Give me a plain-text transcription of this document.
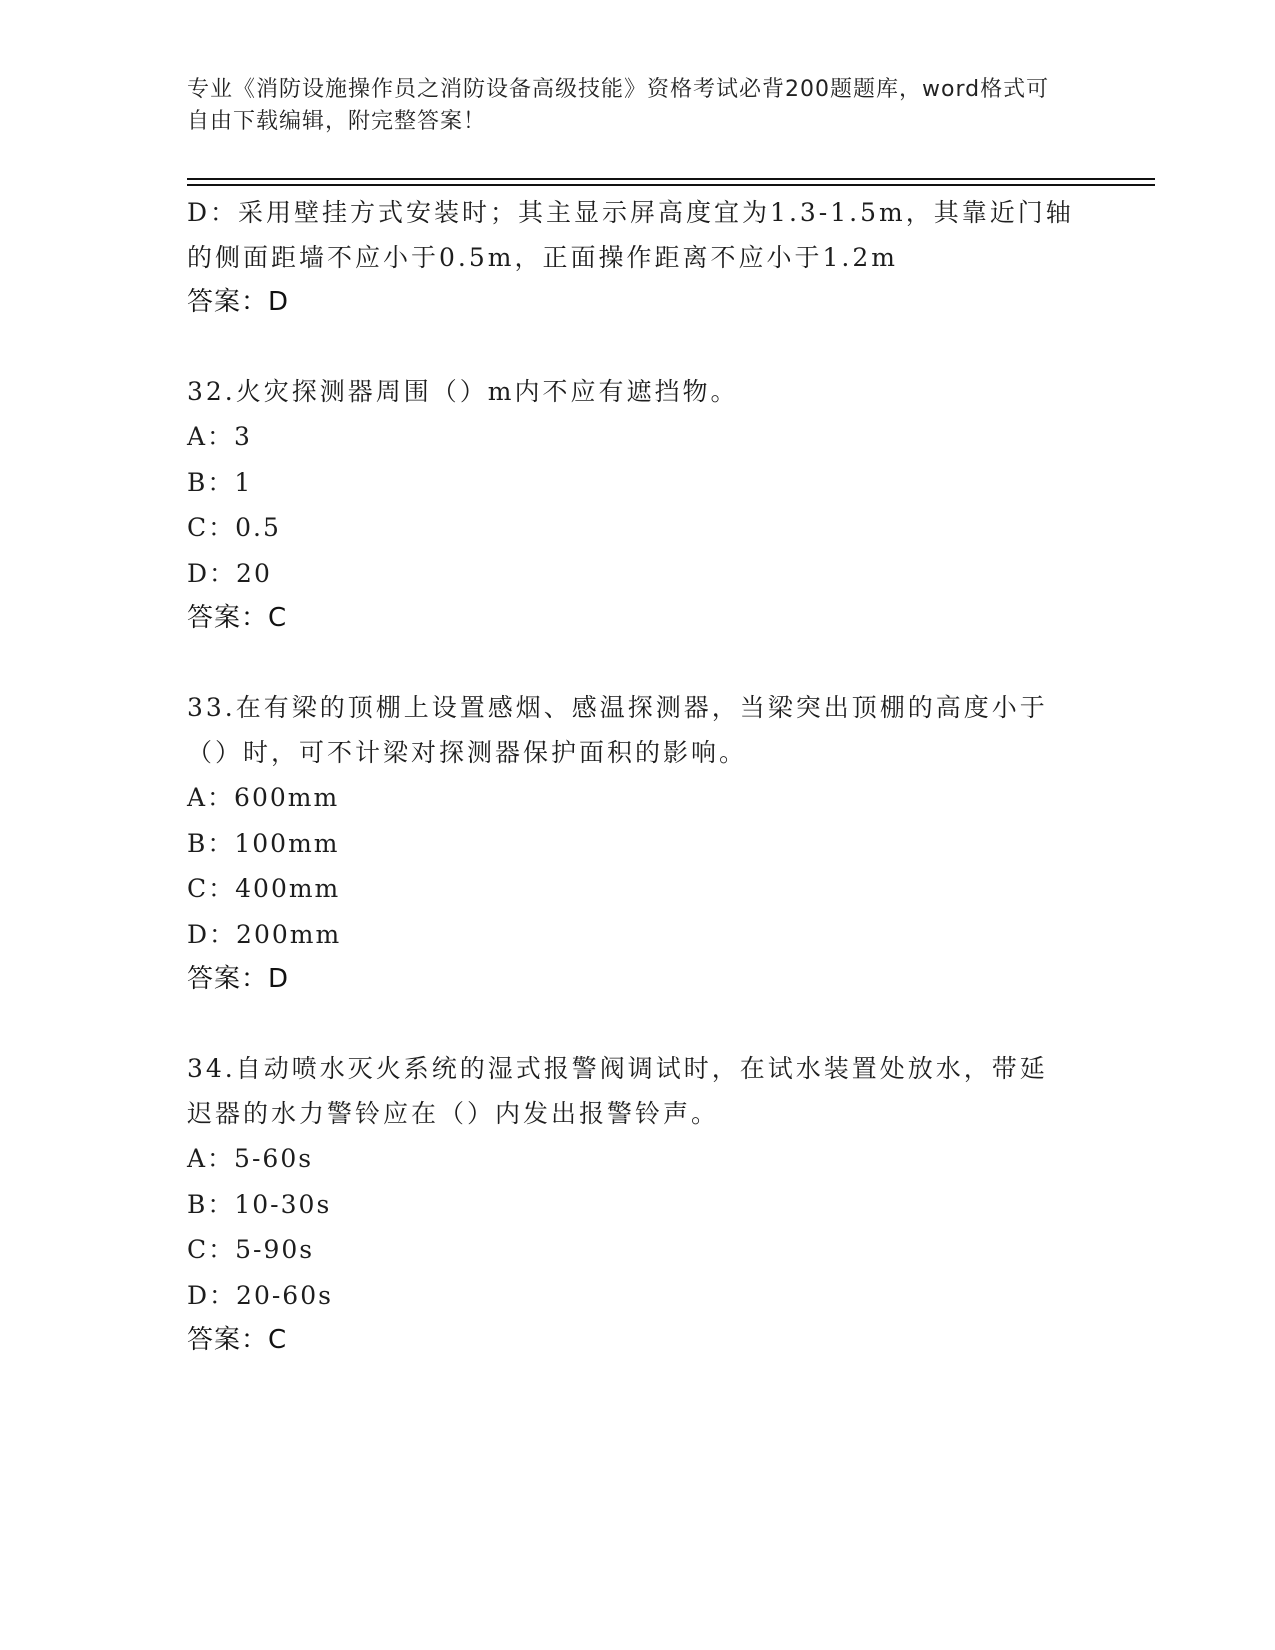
专业《消防设施操作员之消防设备高级技能》资格考试必背200题题库，word格式可自由下载编辑，附完整答案！

D：采用壁挂方式安装时；其主显示屏高度宜为1.3-1.5m，其靠近门轴

的侧面距墙不应小于0.5m，正面操作距离不应小于1.2m

答案：D

32.火灾探测器周围（）m内不应有遮挡物。

A：3

B：1

C：0.5

D：20

答案：C

33.在有梁的顶棚上设置感烟、感温探测器，当梁突出顶棚的高度小于

（）时，可不计梁对探测器保护面积的影响。

A：600mm

B：100mm

C：400mm

D：200mm

答案：D

34.自动喷水灭火系统的湿式报警阀调试时，在试水装置处放水，带延

迟器的水力警铃应在（）内发出报警铃声。

A：5-60s

B：10-30s

C：5-90s

D：20-60s

答案：C
